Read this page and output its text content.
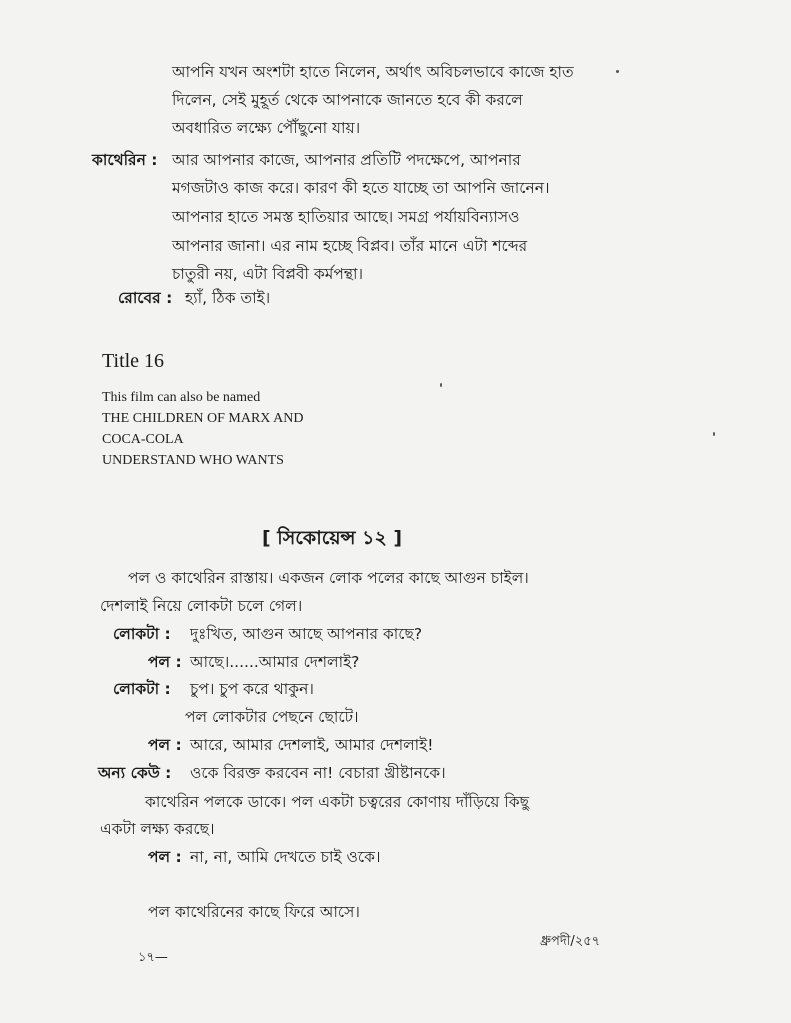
আপনি যখন অংশটা হাতে নিলেন, অর্থাৎ অবিচলভাবে কাজে হাত
দিলেন, সেই মুহূর্ত থেকে আপনাকে জানতে হবে কী করলে
অবধারিত লক্ষ্যে পৌঁছুনো যায়।
কাথেরিন : আর আপনার কাজে, আপনার প্রতিটি পদক্ষেপে, আপনার
মগজটাও কাজ করে। কারণ কী হতে যাচ্ছে তা আপনি জানেন।
আপনার হাতে সমস্ত হাতিয়ার আছে। সমগ্র পর্যায়বিন্যাসও
আপনার জানা। এর নাম হচ্ছে বিপ্লব। তাঁর মানে এটা শব্দের
চাতুরী নয়, এটা বিপ্লবী কর্মপন্থা।
রোবের : হ্যাঁ, ঠিক তাই।
Title 16
This film can also be named
THE CHILDREN OF MARX AND
COCA-COLA
UNDERSTAND WHO WANTS
[ সিকোয়েন্স ১২ ]
পল ও কাথেরিন রাস্তায়। একজন লোক পলের কাছে আগুন চাইল।
দেশলাই নিয়ে লোকটা চলে গেল।
লোকটা : দুঃখিত, আগুন আছে আপনার কাছে?
পল : আছে।......আমার দেশলাই?
লোকটা : চুপ। চুপ করে থাকুন।
পল লোকটার পেছনে ছোটে।
পল : আরে, আমার দেশলাই, আমার দেশলাই!
অন্য কেউ : ওকে বিরক্ত করবেন না! বেচারা খ্রীষ্টানকে।
কাথেরিন পলকে ডাকে। পল একটা চত্বরের কোণায় দাঁড়িয়ে কিছু
একটা লক্ষ্য করছে।
পল : না, না, আমি দেখতে চাই ওকে।
পল কাথেরিনের কাছে ফিরে আসে।
ধ্রুপদী/২৫৭
১৭—
